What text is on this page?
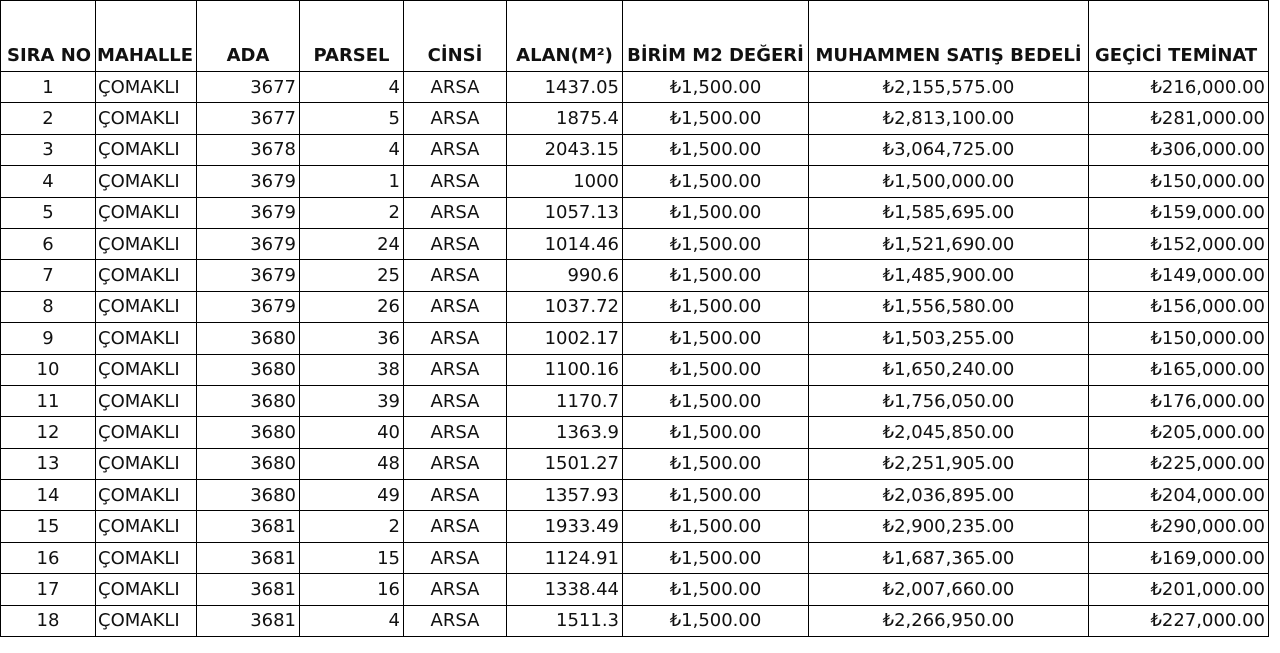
SIRA NO	MAHALLE	ADA	PARSEL	CİNSİ	ALAN(M²)	BİRİM M2 DEĞERİ	MUHAMMEN SATIŞ BEDELİ	GEÇİCİ TEMİNAT
1	ÇOMAKLI	3677	4	ARSA	1437.05	₺1,500.00	₺2,155,575.00	₺216,000.00
2	ÇOMAKLI	3677	5	ARSA	1875.4	₺1,500.00	₺2,813,100.00	₺281,000.00
3	ÇOMAKLI	3678	4	ARSA	2043.15	₺1,500.00	₺3,064,725.00	₺306,000.00
4	ÇOMAKLI	3679	1	ARSA	1000	₺1,500.00	₺1,500,000.00	₺150,000.00
5	ÇOMAKLI	3679	2	ARSA	1057.13	₺1,500.00	₺1,585,695.00	₺159,000.00
6	ÇOMAKLI	3679	24	ARSA	1014.46	₺1,500.00	₺1,521,690.00	₺152,000.00
7	ÇOMAKLI	3679	25	ARSA	990.6	₺1,500.00	₺1,485,900.00	₺149,000.00
8	ÇOMAKLI	3679	26	ARSA	1037.72	₺1,500.00	₺1,556,580.00	₺156,000.00
9	ÇOMAKLI	3680	36	ARSA	1002.17	₺1,500.00	₺1,503,255.00	₺150,000.00
10	ÇOMAKLI	3680	38	ARSA	1100.16	₺1,500.00	₺1,650,240.00	₺165,000.00
11	ÇOMAKLI	3680	39	ARSA	1170.7	₺1,500.00	₺1,756,050.00	₺176,000.00
12	ÇOMAKLI	3680	40	ARSA	1363.9	₺1,500.00	₺2,045,850.00	₺205,000.00
13	ÇOMAKLI	3680	48	ARSA	1501.27	₺1,500.00	₺2,251,905.00	₺225,000.00
14	ÇOMAKLI	3680	49	ARSA	1357.93	₺1,500.00	₺2,036,895.00	₺204,000.00
15	ÇOMAKLI	3681	2	ARSA	1933.49	₺1,500.00	₺2,900,235.00	₺290,000.00
16	ÇOMAKLI	3681	15	ARSA	1124.91	₺1,500.00	₺1,687,365.00	₺169,000.00
17	ÇOMAKLI	3681	16	ARSA	1338.44	₺1,500.00	₺2,007,660.00	₺201,000.00
18	ÇOMAKLI	3681	4	ARSA	1511.3	₺1,500.00	₺2,266,950.00	₺227,000.00
